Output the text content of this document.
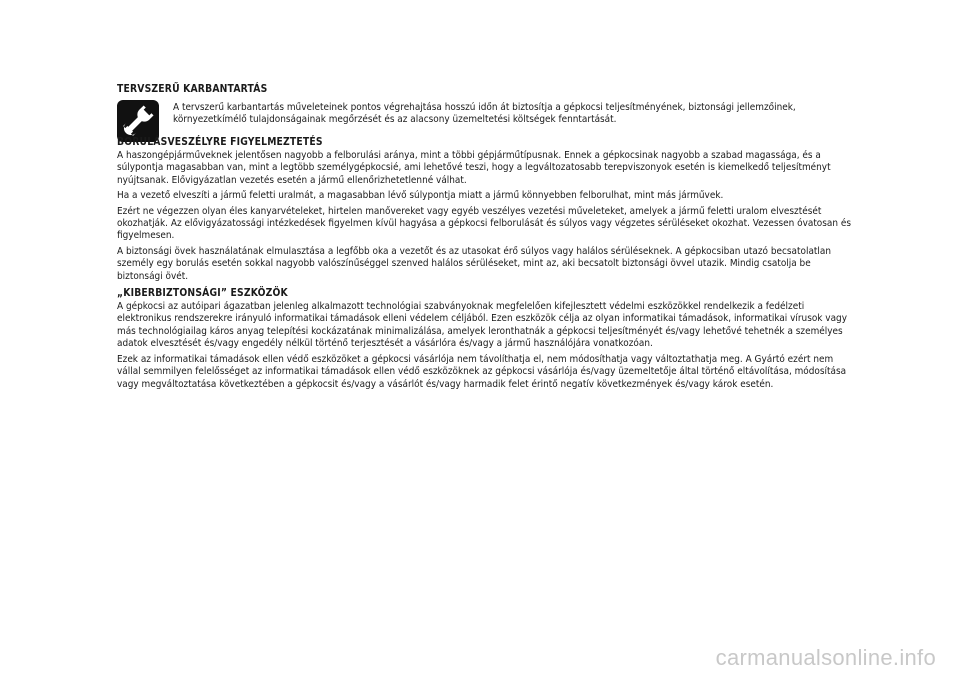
TERVSZERŰ KARBANTARTÁS

A tervszerű karbantartás műveleteinek pontos végrehajtása hosszú időn át biztosítja a gépkocsi teljesítményének, biztonsági jellemzőinek, környezetkímélő tulajdonságainak megőrzését és az alacsony üzemeltetési költségek fenntartását.

BORULÁSVESZÉLYRE FIGYELMEZTETÉS

A haszongépjárműveknek jelentősen nagyobb a felborulási aránya, mint a többi gépjárműtípusnak. Ennek a gépkocsinak nagyobb a szabad magassága, és a súlypontja magasabban van, mint a legtöbb személygépkocsié, ami lehetővé teszi, hogy a legváltozatosabb terepviszonyok esetén is kiemelkedő teljesítményt nyújtsanak. Elővigyázatlan vezetés esetén a jármű ellenőrizhetetlenné válhat.

Ha a vezető elveszíti a jármű feletti uralmát, a magasabban lévő súlypontja miatt a jármű könnyebben felborulhat, mint más járművek.

Ezért ne végezzen olyan éles kanyarvételeket, hirtelen manővereket vagy egyéb veszélyes vezetési műveleteket, amelyek a jármű feletti uralom elvesztését okozhatják. Az elővigyázatossági intézkedések figyelmen kívül hagyása a gépkocsi felborulását és súlyos vagy végzetes sérüléseket okozhat. Vezessen óvatosan és figyelmesen.

A biztonsági övek használatának elmulasztása a legfőbb oka a vezetőt és az utasokat érő súlyos vagy halálos sérüléseknek. A gépkocsiban utazó becsatolatlan személy egy borulás esetén sokkal nagyobb valószínűséggel szenved halálos sérüléseket, mint az, aki becsatolt biztonsági övvel utazik. Mindig csatolja be biztonsági övét.

„KIBERBIZTONSÁGI” ESZKÖZÖK

A gépkocsi az autóipari ágazatban jelenleg alkalmazott technológiai szabványoknak megfelelően kifejlesztett védelmi eszközökkel rendelkezik a fedélzeti elektronikus rendszerekre irányuló informatikai támadások elleni védelem céljából. Ezen eszközök célja az olyan informatikai támadások, informatikai vírusok vagy más technológiailag káros anyag telepítési kockázatának minimalizálása, amelyek leronthatnák a gépkocsi teljesítményét és/vagy lehetővé tehetnék a személyes adatok elvesztését és/vagy engedély nélkül történő terjesztését a vásárlóra és/vagy a jármű használójára vonatkozóan.

Ezek az informatikai támadások ellen védő eszközöket a gépkocsi vásárlója nem távolíthatja el, nem módosíthatja vagy változtathatja meg. A Gyártó ezért nem vállal semmilyen felelősséget az informatikai támadások ellen védő eszközöknek az gépkocsi vásárlója és/vagy üzemeltetője által történő eltávolítása, módosítása vagy megváltoztatása következtében a gépkocsit és/vagy a vásárlót és/vagy harmadik felet érintő negatív következmények és/vagy károk esetén.

carmanualsonline.info
